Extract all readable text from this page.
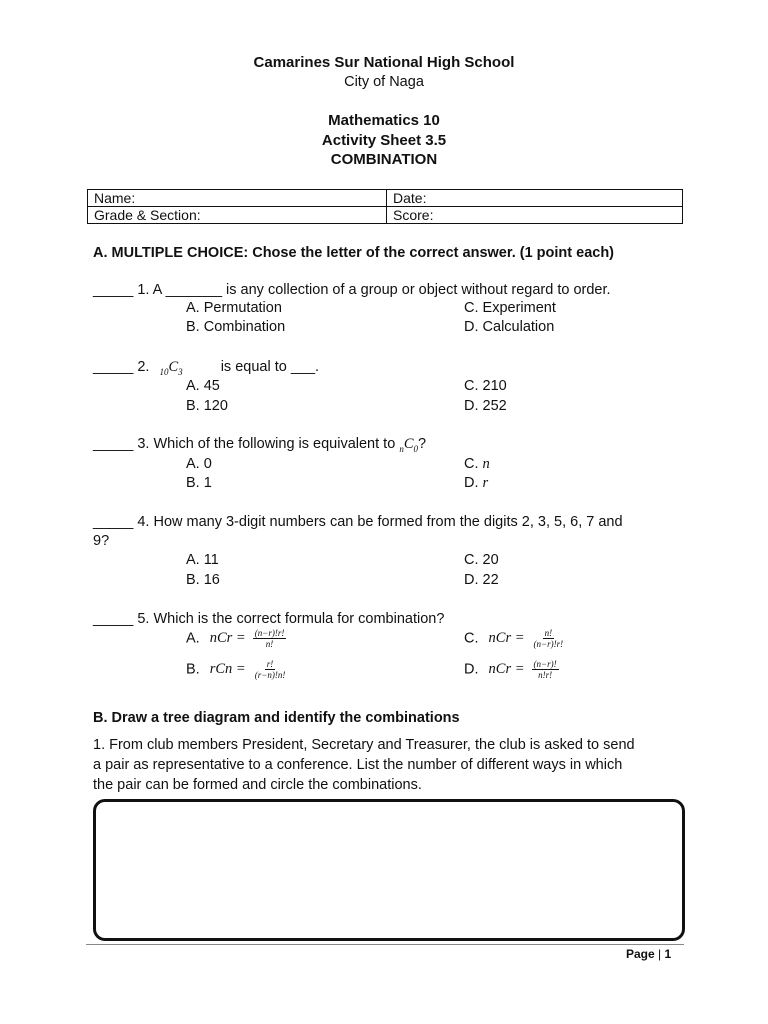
Camarines Sur National High School
City of Naga
Mathematics 10
Activity Sheet 3.5
COMBINATION
Name:	Date:
Grade & Section:	Score:
A. MULTIPLE CHOICE: Chose the letter of the correct answer. (1 point each)
_____ 1. A _______ is any collection of a group or object without regard to order.
A. Permutation	C. Experiment
B. Combination	D. Calculation
_____ 2. $_{10}C_3$	is equal to ___.
A. 45	C. 210
B. 120	D. 252
_____ 3. Which of the following is equivalent to $_nC_0$?
A. 0	C. n
B. 1	D. r
_____ 4. How many 3-digit numbers can be formed from the digits 2, 3, 5, 6, 7 and
9?
A. 11	C. 20
B. 16	D. 22
_____ 5. Which is the correct formula for combination?
A. nCr = $\frac{(n-r)!r!}{n!}$	C. nCr = $\frac{n!}{(n-r)!r!}$
B. rCn = $\frac{r!}{(r-n)!n!}$	D. nCr = $\frac{(n-r)!}{n!r!}$
B. Draw a tree diagram and identify the combinations
1. From club members President, Secretary and Treasurer, the club is asked to send
a pair as representative to a conference. List the number of different ways in which
the pair can be formed and circle the combinations.
Page | 1
